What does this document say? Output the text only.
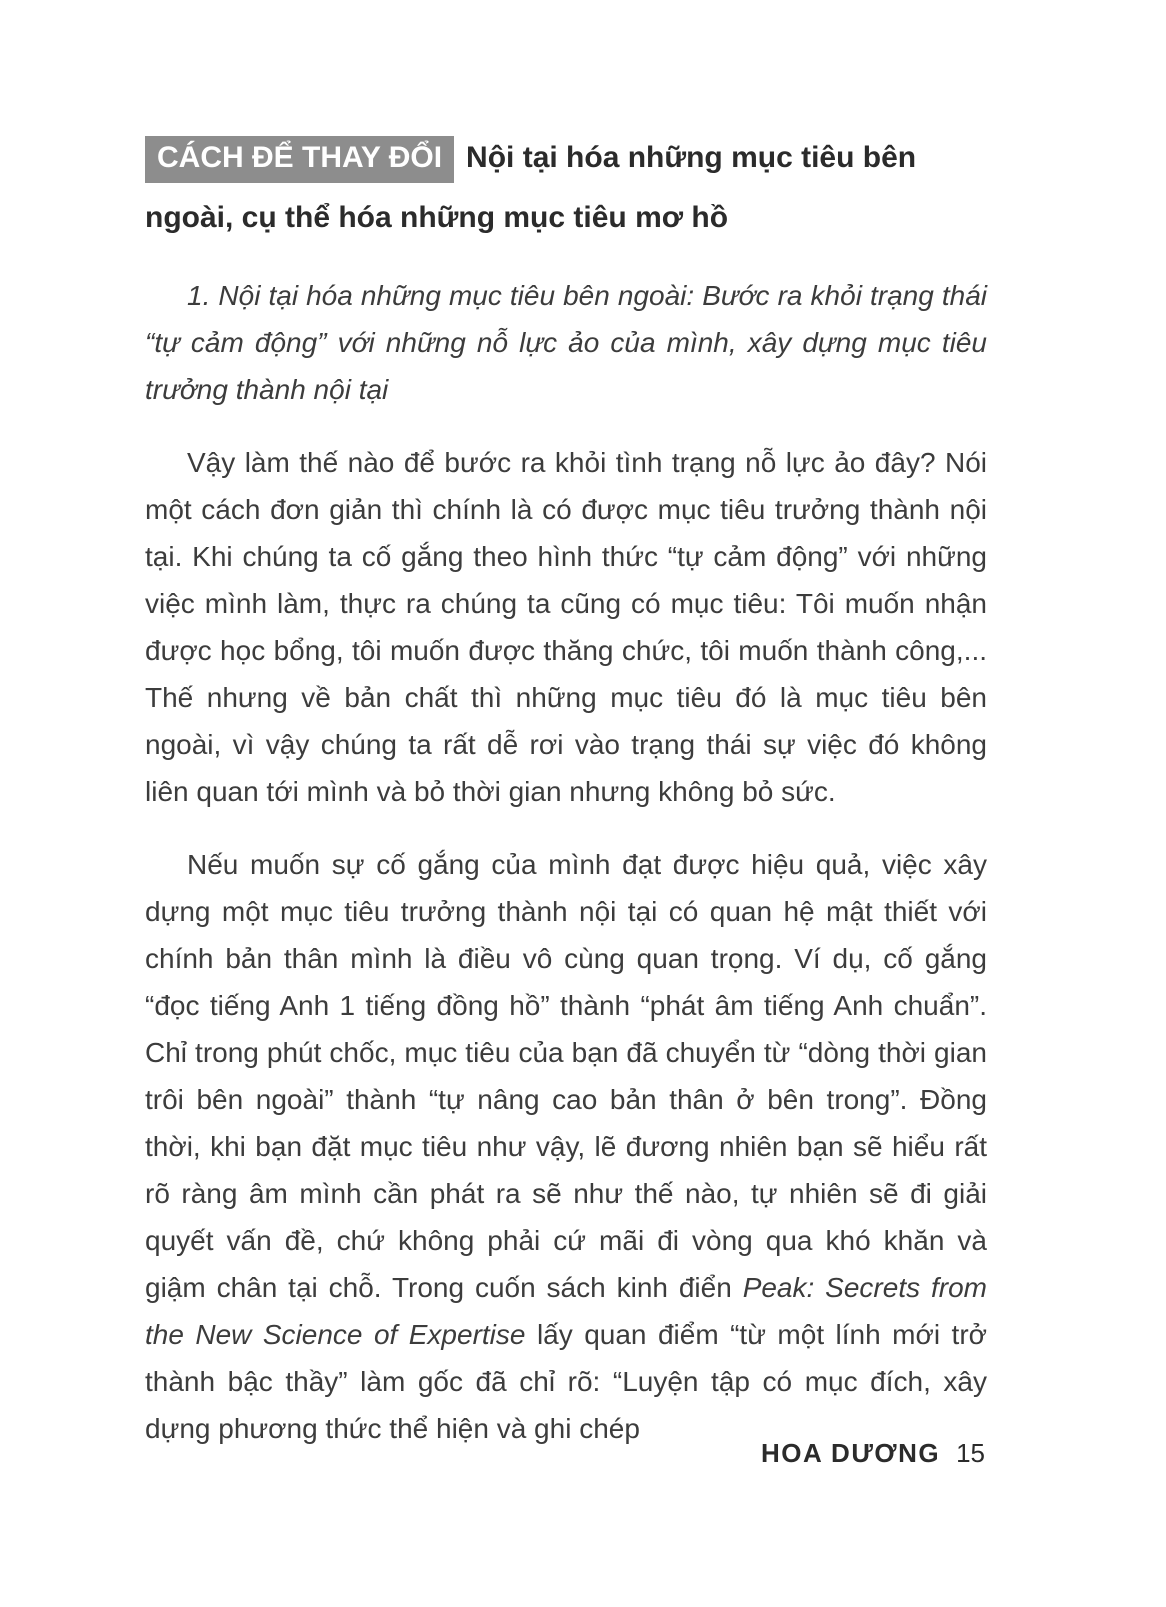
CÁCH ĐỂ THAY ĐỔI Nội tại hóa những mục tiêu bên ngoài, cụ thể hóa những mục tiêu mơ hồ
1. Nội tại hóa những mục tiêu bên ngoài: Bước ra khỏi trạng thái “tự cảm động” với những nỗ lực ảo của mình, xây dựng mục tiêu trưởng thành nội tại
Vậy làm thế nào để bước ra khỏi tình trạng nỗ lực ảo đây? Nói một cách đơn giản thì chính là có được mục tiêu trưởng thành nội tại. Khi chúng ta cố gắng theo hình thức “tự cảm động” với những việc mình làm, thực ra chúng ta cũng có mục tiêu: Tôi muốn nhận được học bổng, tôi muốn được thăng chức, tôi muốn thành công,... Thế nhưng về bản chất thì những mục tiêu đó là mục tiêu bên ngoài, vì vậy chúng ta rất dễ rơi vào trạng thái sự việc đó không liên quan tới mình và bỏ thời gian nhưng không bỏ sức.
Nếu muốn sự cố gắng của mình đạt được hiệu quả, việc xây dựng một mục tiêu trưởng thành nội tại có quan hệ mật thiết với chính bản thân mình là điều vô cùng quan trọng. Ví dụ, cố gắng “đọc tiếng Anh 1 tiếng đồng hồ” thành “phát âm tiếng Anh chuẩn”. Chỉ trong phút chốc, mục tiêu của bạn đã chuyển từ “dòng thời gian trôi bên ngoài” thành “tự nâng cao bản thân ở bên trong”. Đồng thời, khi bạn đặt mục tiêu như vậy, lẽ đương nhiên bạn sẽ hiểu rất rõ ràng âm mình cần phát ra sẽ như thế nào, tự nhiên sẽ đi giải quyết vấn đề, chứ không phải cứ mãi đi vòng qua khó khăn và giậm chân tại chỗ. Trong cuốn sách kinh điển Peak: Secrets from the New Science of Expertise lấy quan điểm “từ một lính mới trở thành bậc thầy” làm gốc đã chỉ rõ: “Luyện tập có mục đích, xây dựng phương thức thể hiện và ghi chép
HOA DƯƠNG 15
